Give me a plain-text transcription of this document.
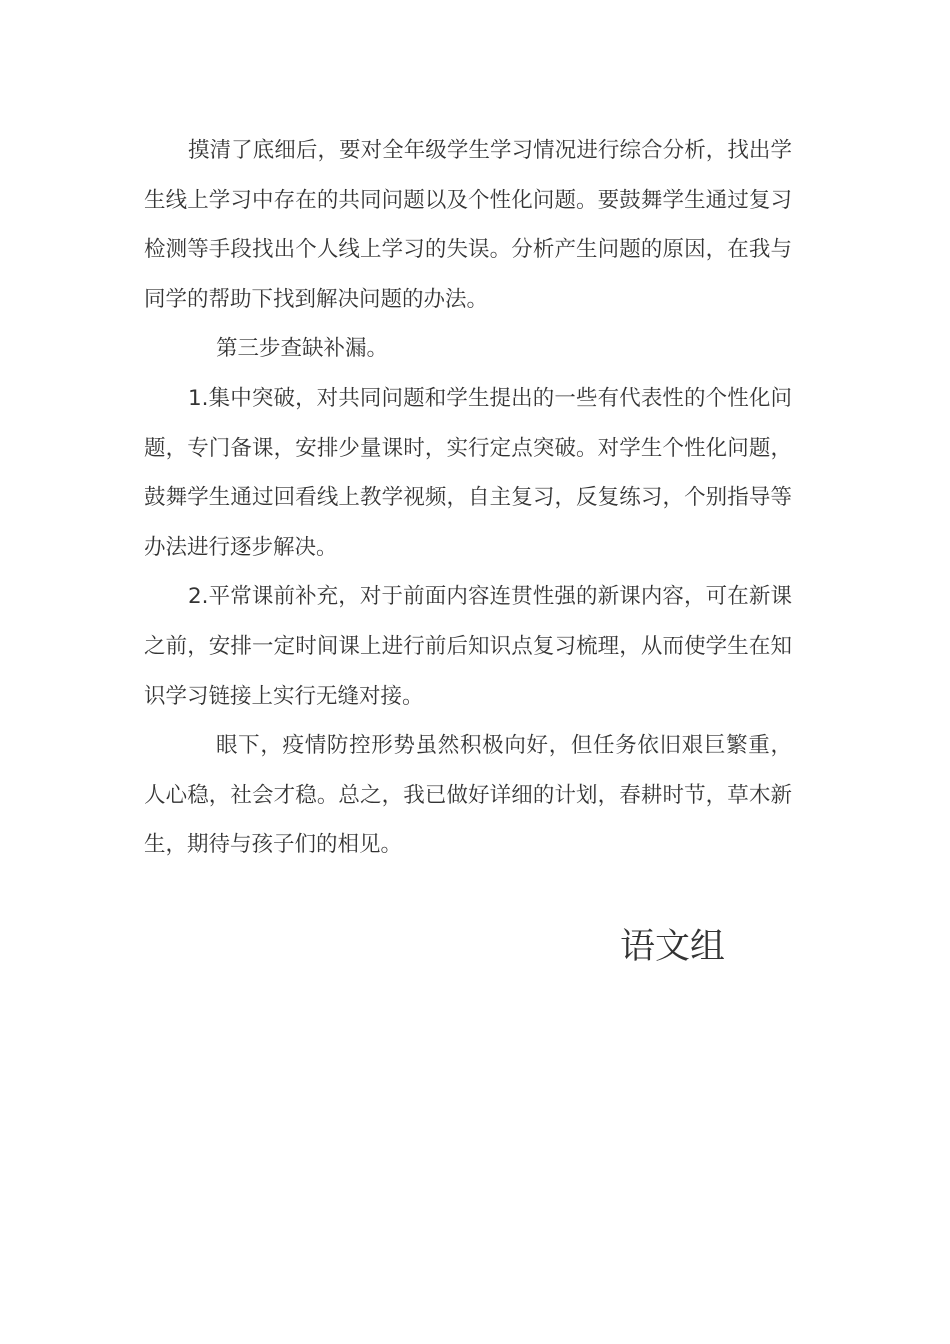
摸清了底细后，要对全年级学生学习情况进行综合分析，找出学生线上学习中存在的共同问题以及个性化问题。要鼓舞学生通过复习检测等手段找出个人线上学习的失误。分析产生问题的原因，在我与同学的帮助下找到解决问题的办法。

第三步查缺补漏。

1.集中突破，对共同问题和学生提出的一些有代表性的个性化问题，专门备课，安排少量课时，实行定点突破。对学生个性化问题，鼓舞学生通过回看线上教学视频，自主复习，反复练习，个别指导等办法进行逐步解决。

2.平常课前补充，对于前面内容连贯性强的新课内容，可在新课之前，安排一定时间课上进行前后知识点复习梳理，从而使学生在知识学习链接上实行无缝对接。

眼下，疫情防控形势虽然积极向好，但任务依旧艰巨繁重，人心稳，社会才稳。总之，我已做好详细的计划，春耕时节，草木新生，期待与孩子们的相见。

语文组
